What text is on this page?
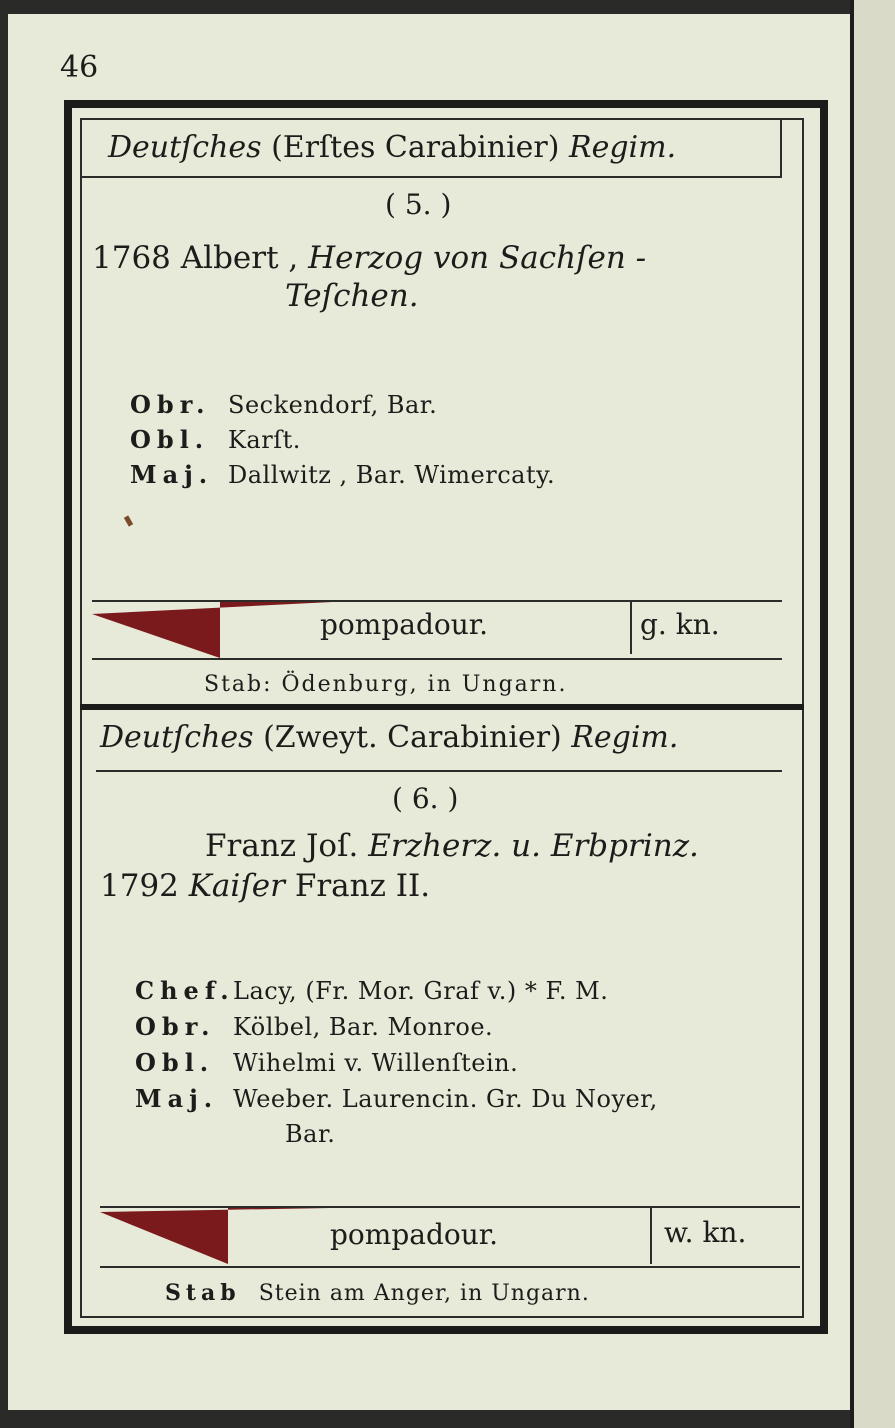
46
Deutſches (Erſtes Carabinier) Regim.
( 5. )
1768 Albert , Herzog von Sachſen -
Teſchen.
Obr. Seckendorf, Bar.
Obl. Karſt.
Maj. Dallwitz , Bar. Wimercaty.
pompadour.	g. kn.
Stab: Ödenburg, in Ungarn.
Deutſches (Zweyt. Carabinier) Regim.
( 6. )
Franz Joſ. Erzherz. u. Erbprinz.
1792 Kaiſer Franz II.
Chef.Lacy, (Fr. Mor. Graf v.) * F. M.
Obr. Kölbel, Bar. Monroe.
Obl. Wihelmi v. Willenſtein.
Maj. Weeber. Laurencin. Gr. Du Noyer,
Bar.
pompadour.	w. kn.
Stab Stein am Anger, in Ungarn.
